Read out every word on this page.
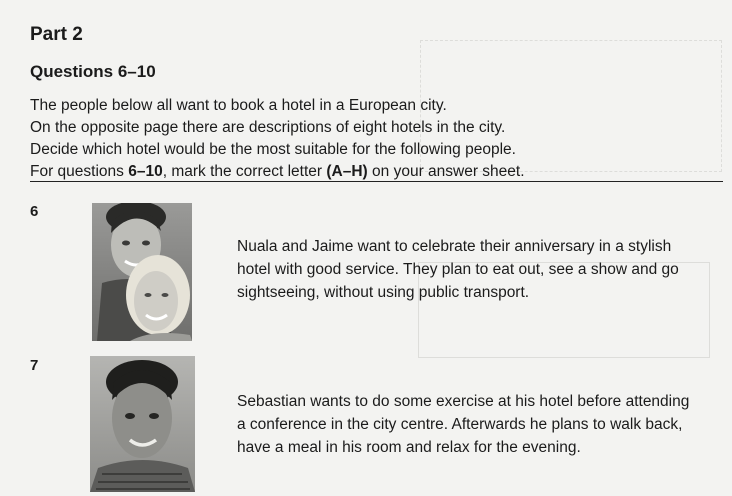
Part 2
Questions 6–10
The people below all want to book a hotel in a European city.
On the opposite page there are descriptions of eight hotels in the city.
Decide which hotel would be the most suitable for the following people.
For questions 6–10, mark the correct letter (A–H) on your answer sheet.
6
Nuala and Jaime want to celebrate their anniversary in a stylish
hotel with good service. They plan to eat out, see a show and go
sightseeing, without using public transport.
7
Sebastian wants to do some exercise at his hotel before attending
a conference in the city centre. Afterwards he plans to walk back,
have a meal in his room and relax for the evening.
